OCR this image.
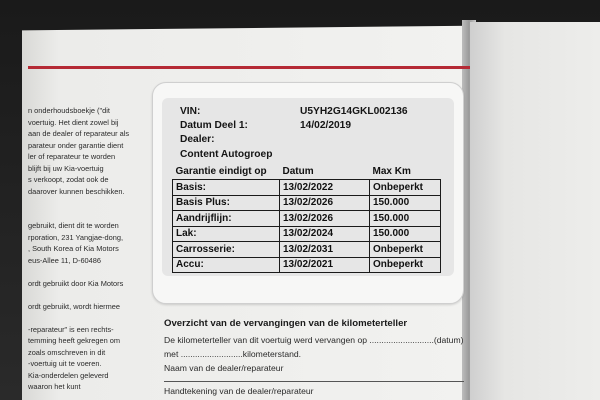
n onderhoudsboekje ("dit
voertuig. Het dient zowel bij
aan de dealer of reparateur als
parateur onder garantie dient
ler of reparateur te worden
blijft bij uw Kia-voertuig
s verkoopt, zodat ook de
daarover kunnen beschikken.
gebruikt, dient dit te worden
rporation, 231 Yangjae-dong,
, South Korea of Kia Motors
eus-Allee 11, D-60486
ordt gebruikt door Kia Motors
ordt gebruikt, wordt hiermee
-reparateur" is een rechts-
temming heeft gekregen om
zoals omschreven in dit
-voertuig uit te voeren.
Kia-onderdelen geleverd
waaron het kunt
VIN:	U5YH2G14GKL002136
Datum Deel 1:	14/02/2019
Dealer:
Content Autogroep
Garantie eindigt op	Datum	Max Km
Basis:	13/02/2022	Onbeperkt
Basis Plus:	13/02/2026	150.000
Aandrijflijn:	13/02/2026	150.000
Lak:	13/02/2024	150.000
Carrosserie:	13/02/2031	Onbeperkt
Accu:	13/02/2021	Onbeperkt
Overzicht van de vervangingen van de kilometerteller
De kilometerteller van dit voertuig werd vervangen op ...........................(datum)
met ..........................kilometerstand.
Naam van de dealer/reparateur
Handtekening van de dealer/reparateur
